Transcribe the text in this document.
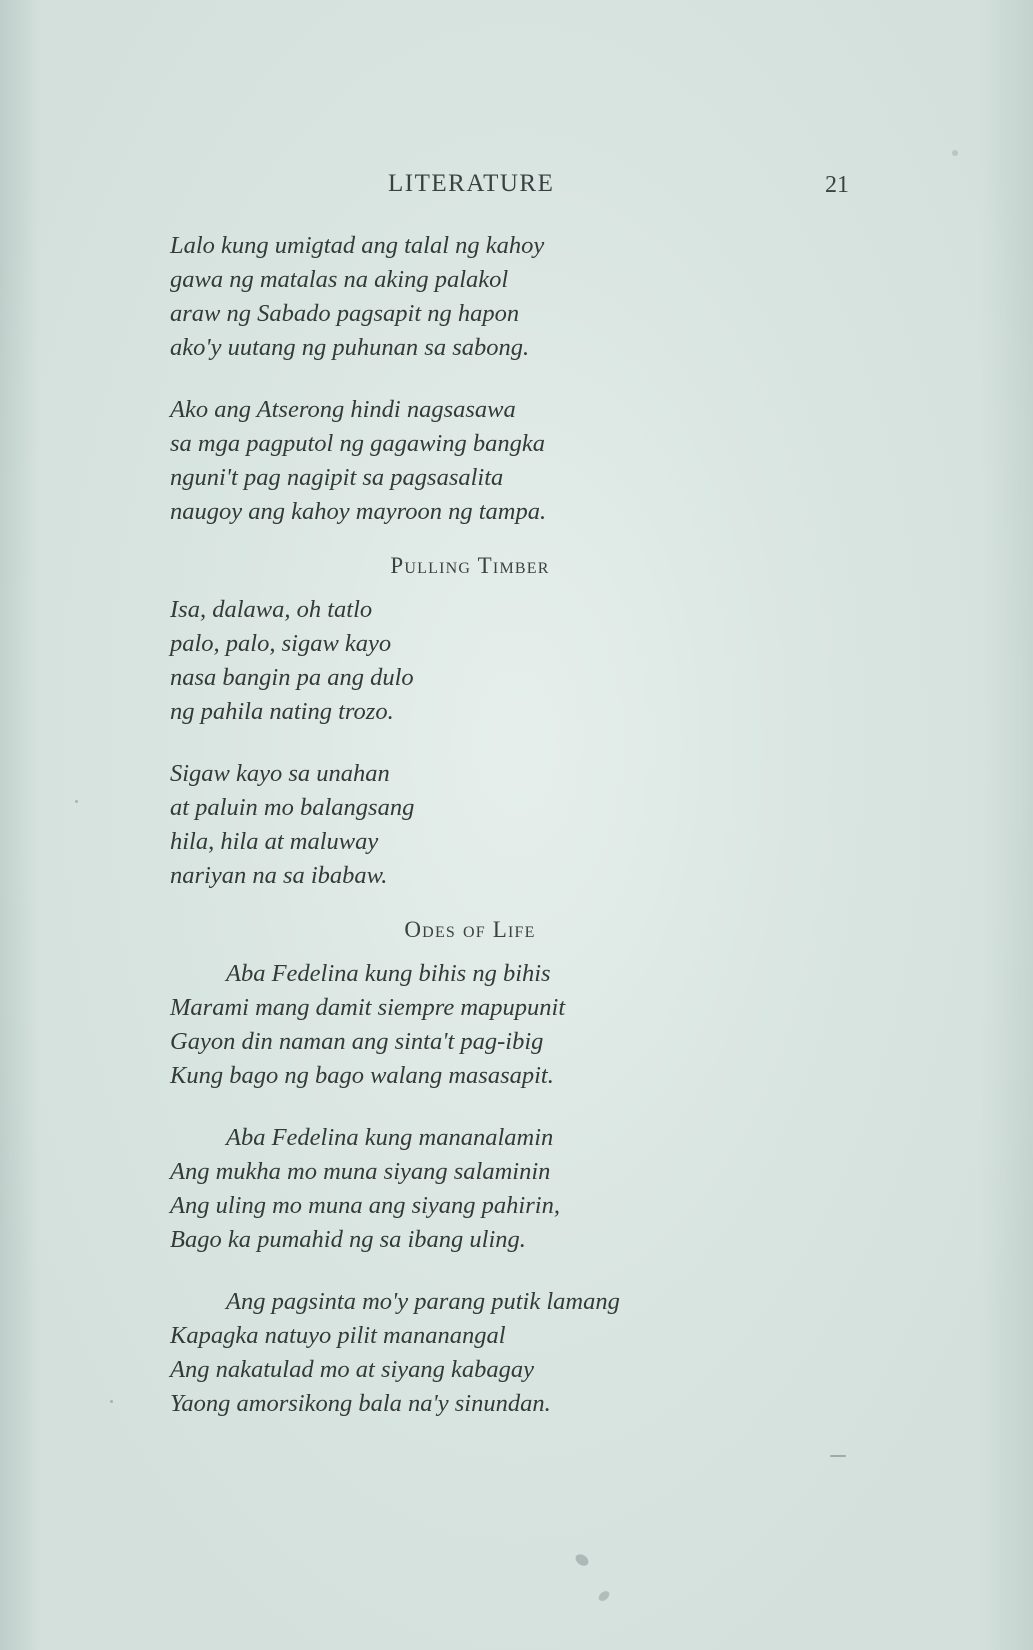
LITERATURE	21
Lalo kung umigtad ang talal ng kahoy
gawa ng matalas na aking palakol
araw ng Sabado pagsapit ng hapon
ako'y uutang ng puhunan sa sabong.
Ako ang Atserong hindi nagsasawa
sa mga pagputol ng gagawing bangka
nguni't pag nagipit sa pagsasalita
naugoy ang kahoy mayroon ng tampa.
Pulling Timber
Isa, dalawa, oh tatlo
palo, palo, sigaw kayo
nasa bangin pa ang dulo
ng pahila nating trozo.
Sigaw kayo sa unahan
at paluin mo balangsang
hila, hila at maluway
nariyan na sa ibabaw.
Odes of Life
Aba Fedelina kung bihis ng bihis
Marami mang damit siempre mapupunit
Gayon din naman ang sinta't pag-ibig
Kung bago ng bago walang masasapit.
Aba Fedelina kung mananalamin
Ang mukha mo muna siyang salaminin
Ang uling mo muna ang siyang pahirin,
Bago ka pumahid ng sa ibang uling.
Ang pagsinta mo'y parang putik lamang
Kapagka natuyo pilit mananangal
Ang nakatulad mo at siyang kabagay
Yaong amorsikong bala na'y sinundan.
